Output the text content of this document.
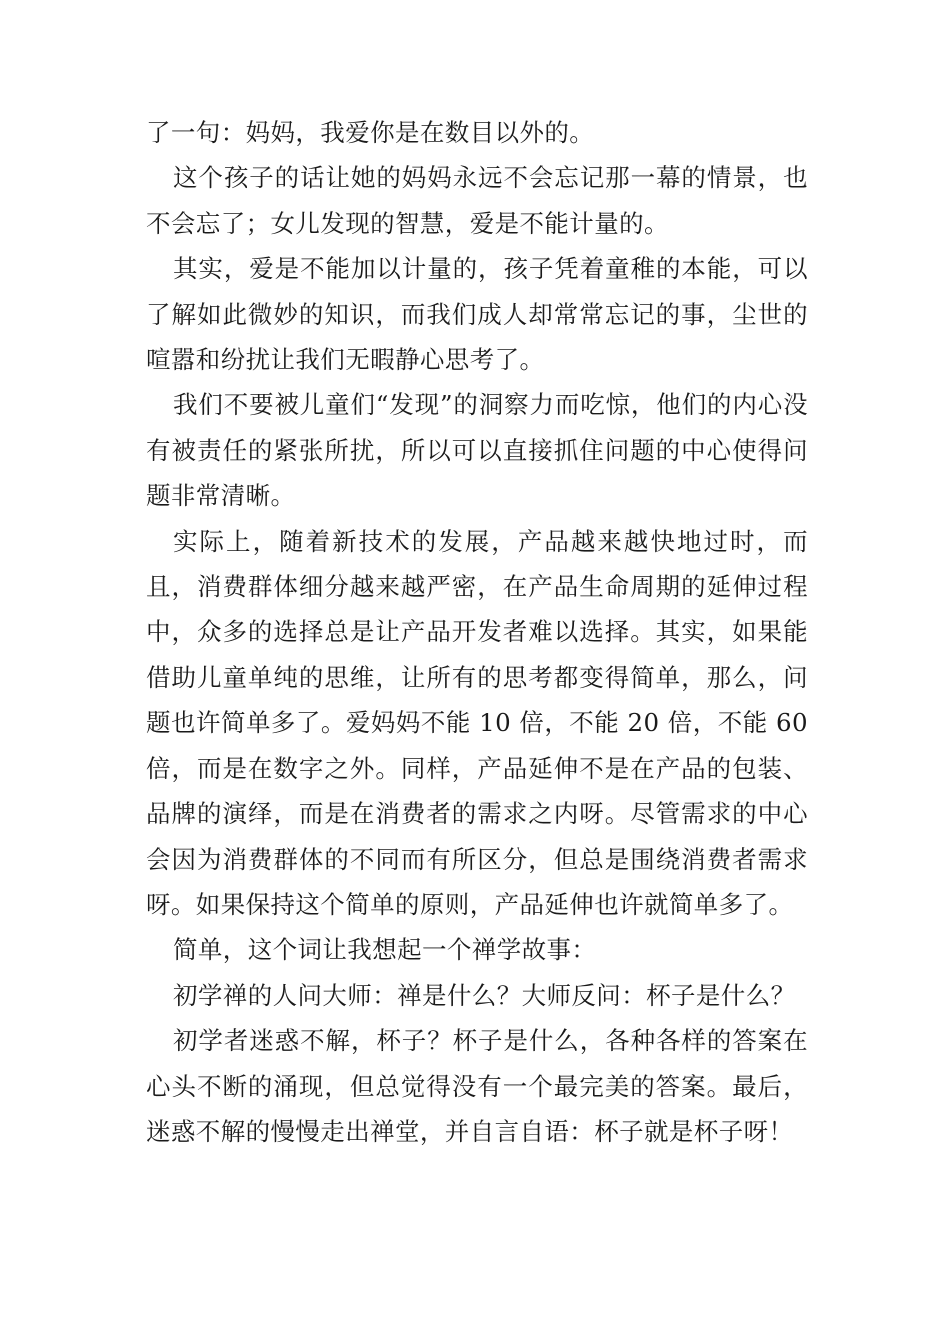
了一句：妈妈，我爱你是在数目以外的。

这个孩子的话让她的妈妈永远不会忘记那一幕的情景，也不会忘了；女儿发现的智慧，爱是不能计量的。

其实，爱是不能加以计量的，孩子凭着童稚的本能，可以了解如此微妙的知识，而我们成人却常常忘记的事，尘世的喧嚣和纷扰让我们无暇静心思考了。

我们不要被儿童们“发现”的洞察力而吃惊，他们的内心没有被责任的紧张所扰，所以可以直接抓住问题的中心使得问题非常清晰。

实际上，随着新技术的发展，产品越来越快地过时，而且，消费群体细分越来越严密，在产品生命周期的延伸过程中，众多的选择总是让产品开发者难以选择。其实，如果能借助儿童单纯的思维，让所有的思考都变得简单，那么，问题也许简单多了。爱妈妈不能 10 倍，不能 20 倍，不能 60 倍，而是在数字之外。同样，产品延伸不是在产品的包装、品牌的演绎，而是在消费者的需求之内呀。尽管需求的中心会因为消费群体的不同而有所区分，但总是围绕消费者需求呀。如果保持这个简单的原则，产品延伸也许就简单多了。

简单，这个词让我想起一个禅学故事：

初学禅的人问大师：禅是什么？大师反问：杯子是什么？

初学者迷惑不解，杯子？杯子是什么，各种各样的答案在心头不断的涌现，但总觉得没有一个最完美的答案。最后，迷惑不解的慢慢走出禅堂，并自言自语：杯子就是杯子呀！
